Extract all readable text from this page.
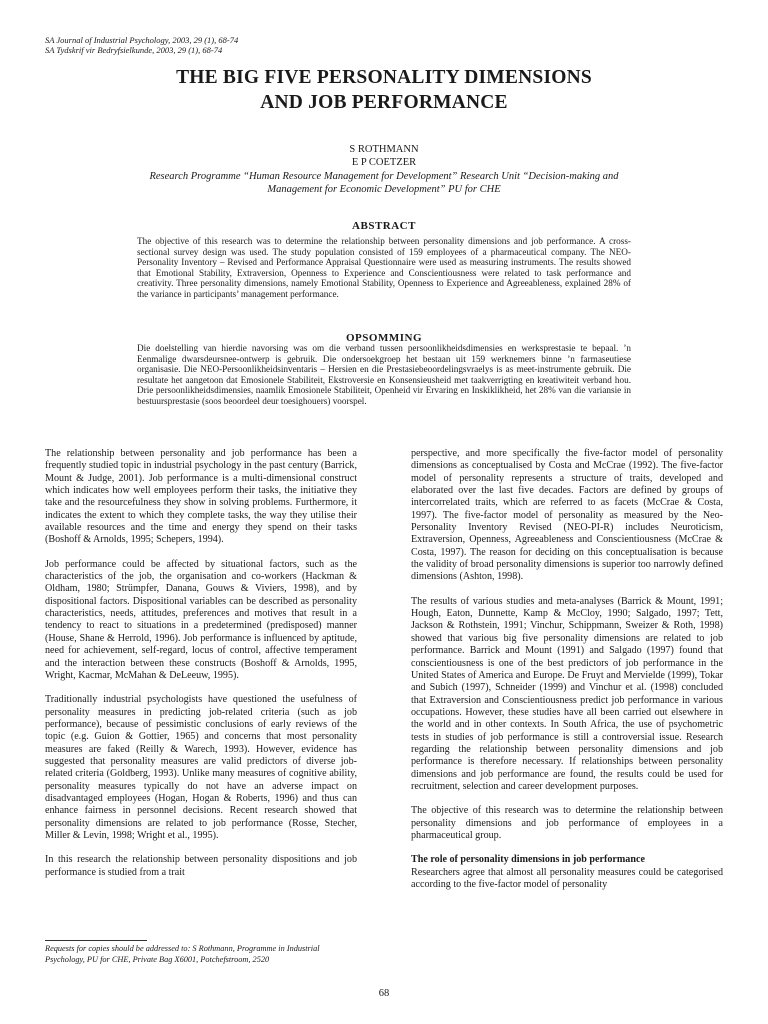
SA Journal of Industrial Psychology, 2003, 29 (1), 68-74
SA Tydskrif vir Bedryfsielkunde, 2003, 29 (1), 68-74
THE BIG FIVE PERSONALITY DIMENSIONS
AND JOB PERFORMANCE
S ROTHMANN
E P COETZER
Research Programme “Human Resource Management for Development” Research Unit “Decision-making and Management for Economic Development” PU for CHE
ABSTRACT
The objective of this research was to determine the relationship between personality dimensions and job performance. A cross-sectional survey design was used. The study population consisted of 159 employees of a pharmaceutical company. The NEO-Personality Inventory – Revised and Performance Appraisal Questionnaire were used as measuring instruments. The results showed that Emotional Stability, Extraversion, Openness to Experience and Conscientiousness were related to task performance and creativity. Three personality dimensions, namely Emotional Stability, Openness to Experience and Agreeableness, explained 28% of the variance in participants’ management performance.
OPSOMMING
Die doelstelling van hierdie navorsing was om die verband tussen persoonlikheidsdimensies en werksprestasie te bepaal. ’n Eenmalige dwarsdeursnee-ontwerp is gebruik. Die ondersoekgroep het bestaan uit 159 werknemers binne ’n farmaseutiese organisasie. Die NEO-Persoonlikheidsinventaris – Hersien en die Prestasiebeoordelingsvraelys is as meet-instrumente gebruik. Die resultate het aangetoon dat Emosionele Stabiliteit, Ekstroversie en Konsensieusheid met taakverrigting en kreatiwiteit verband hou. Drie persoonlikheidsdimensies, naamlik Emosionele Stabiliteit, Openheid vir Ervaring en Inskiklikheid, het 28% van die variansie in bestuursprestasie (soos beoordeel deur toesighouers) voorspel.

The relationship between personality and job performance has been a frequently studied topic in industrial psychology in the past century (Barrick, Mount & Judge, 2001). Job performance is a multi-dimensional construct which indicates how well employees perform their tasks, the initiative they take and the resourcefulness they show in solving problems. Furthermore, it indicates the extent to which they complete tasks, the way they utilise their available resources and the time and energy they spend on their tasks (Boshoff & Arnolds, 1995; Schepers, 1994).

Job performance could be affected by situational factors, such as the characteristics of the job, the organisation and co-workers (Hackman & Oldham, 1980; Strümpfer, Danana, Gouws & Viviers, 1998), and by dispositional factors. Dispositional variables can be described as personality characteristics, needs, attitudes, preferences and motives that result in a tendency to react to situations in a predetermined (predisposed) manner (House, Shane & Herrold, 1996). Job performance is influenced by aptitude, need for achievement, self-regard, locus of control, affective temperament and the interaction between these constructs (Boshoff & Arnolds, 1995, Wright, Kacmar, McMahan & DeLeeuw, 1995).

Traditionally industrial psychologists have questioned the usefulness of personality measures in predicting job-related criteria (such as job performance), because of pessimistic conclusions of early reviews of the topic (e.g. Guion & Gottier, 1965) and concerns that most personality measures are faked (Reilly & Warech, 1993). However, evidence has suggested that personality measures are valid predictors of diverse job-related criteria (Goldberg, 1993). Unlike many measures of cognitive ability, personality measures typically do not have an adverse impact on disadvantaged employees (Hogan, Hogan & Roberts, 1996) and thus can enhance fairness in personnel decisions. Recent research showed that personality dimensions are related to job performance (Rosse, Stecher, Miller & Levin, 1998; Wright et al., 1995).

In this research the relationship between personality dispositions and job performance is studied from a trait

perspective, and more specifically the five-factor model of personality dimensions as conceptualised by Costa and McCrae (1992). The five-factor model of personality represents a structure of traits, developed and elaborated over the last five decades. Factors are defined by groups of intercorrelated traits, which are referred to as facets (McCrae & Costa, 1997). The five-factor model of personality as measured by the Neo-Personality Inventory Revised (NEO-PI-R) includes Neuroticism, Extraversion, Openness, Agreeableness and Conscientiousness (McCrae & Costa, 1997). The reason for deciding on this conceptualisation is because the validity of broad personality dimensions is superior too narrowly defined dimensions (Ashton, 1998).

The results of various studies and meta-analyses (Barrick & Mount, 1991; Hough, Eaton, Dunnette, Kamp & McCloy, 1990; Salgado, 1997; Tett, Jackson & Rothstein, 1991; Vinchur, Schippmann, Sweizer & Roth, 1998) showed that various big five personality dimensions are related to job performance. Barrick and Mount (1991) and Salgado (1997) found that conscientiousness is one of the best predictors of job performance in the United States of America and Europe. De Fruyt and Mervielde (1999), Tokar and Subich (1997), Schneider (1999) and Vinchur et al. (1998) concluded that Extraversion and Conscientiousness predict job performance in various occupations. However, these studies have all been carried out elsewhere in the world and in other contexts. In South Africa, the use of psychometric tests in studies of job performance is still a controversial issue. Research regarding the relationship between personality dimensions and job performance is therefore necessary. If relationships between personality dimensions and job performance are found, the results could be used for recruitment, selection and career development purposes.

The objective of this research was to determine the relationship between personality dimensions and job performance of employees in a pharmaceutical group.

The role of personality dimensions in job performance
Researchers agree that almost all personality measures could be categorised according to the five-factor model of personality

Requests for copies should be addressed to: S Rothmann, Programme in Industrial Psychology, PU for CHE, Private Bag X6001, Potchefstroom, 2520
68
